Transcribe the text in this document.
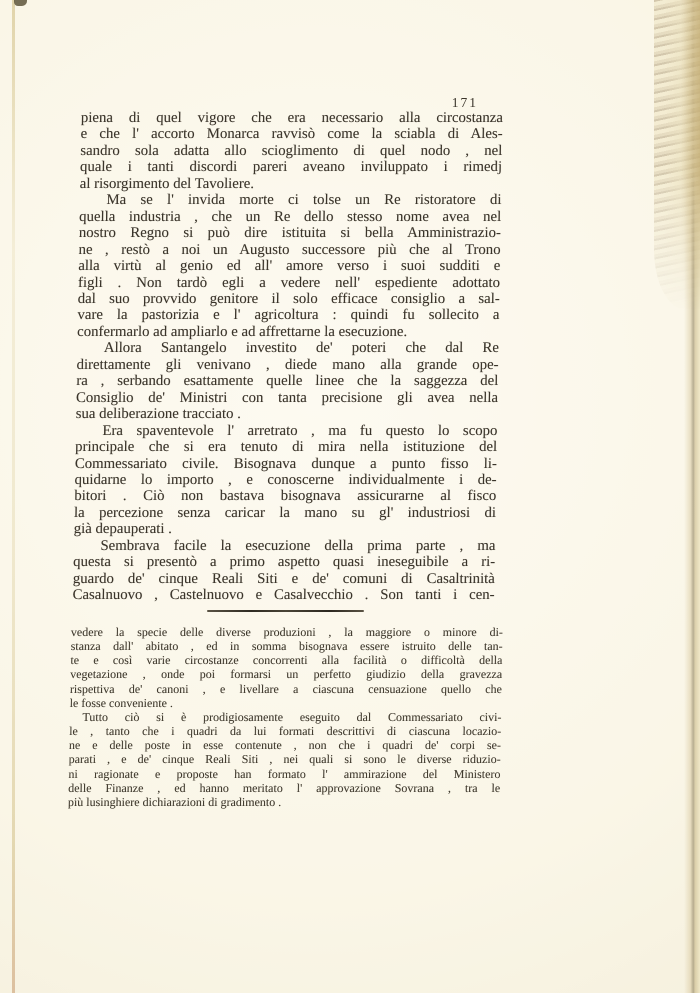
171
piena di quel vigore che era necessario alla circostanza
e che l' accorto Monarca ravvisò come la sciabla di Ales-
sandro sola adatta allo scioglimento di quel nodo , nel
quale i tanti discordi pareri aveano inviluppato i rimedj
al risorgimento del Tavoliere.
Ma se l' invida morte ci tolse un Re ristoratore di
quella industria , che un Re dello stesso nome avea nel
nostro Regno si può dire istituita si bella Amministrazio-
ne , restò a noi un Augusto successore più che al Trono
alla virtù al genio ed all' amore verso i suoi sudditi e
figli . Non tardò egli a vedere nell' espediente adottato
dal suo provvido genitore il solo efficace consiglio a sal-
vare la pastorizia e l' agricoltura : quindi fu sollecito a
confermarlo ad ampliarlo e ad affrettarne la esecuzione.
Allora Santangelo investito de' poteri che dal Re
direttamente gli venivano , diede mano alla grande ope-
ra , serbando esattamente quelle linee che la saggezza del
Consiglio de' Ministri con tanta precisione gli avea nella
sua deliberazione tracciato .
Era spaventevole l' arretrato , ma fu questo lo scopo
principale che si era tenuto di mira nella istituzione del
Commessariato civile. Bisognava dunque a punto fisso li-
quidarne lo importo , e conoscerne individualmente i de-
bitori . Ciò non bastava bisognava assicurarne al fisco
la percezione senza caricar la mano su gl' industriosi di
già depauperati .
Sembrava facile la esecuzione della prima parte , ma
questa si presentò a primo aspetto quasi ineseguibile a ri-
guardo de' cinque Reali Siti e de' comuni di Casaltrinità
Casalnuovo , Castelnuovo e Casalvecchio . Son tanti i cen-
vedere la specie delle diverse produzioni , la maggiore o minore di-
stanza dall' abitato , ed in somma bisognava essere istruito delle tan-
te e così varie circostanze concorrenti alla facilità o difficoltà della
vegetazione , onde poi formarsi un perfetto giudizio della gravezza
rispettiva de' canoni , e livellare a ciascuna censuazione quello che
le fosse conveniente .
Tutto ciò si è prodigiosamente eseguito dal Commessariato civi-
le , tanto che i quadri da lui formati descrittivi di ciascuna locazio-
ne e delle poste in esse contenute , non che i quadri de' corpi se-
parati , e de' cinque Reali Siti , nei quali si sono le diverse riduzio-
ni ragionate e proposte han formato l' ammirazione del Ministero
delle Finanze , ed hanno meritato l' approvazione Sovrana , tra le
più lusinghiere dichiarazioni di gradimento .
